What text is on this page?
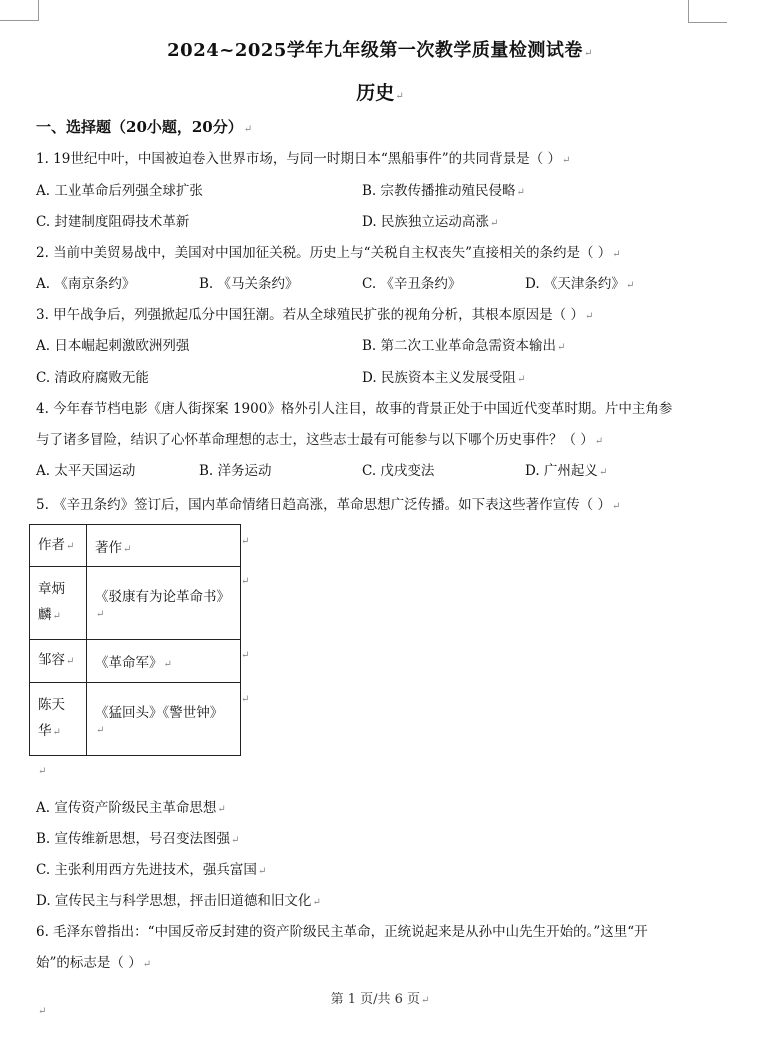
2024~2025学年九年级第一次教学质量检测试卷↵
历史↵
一、选择题（20小题，20分）↵
1. 19世纪中叶，中国被迫卷入世界市场，与同一时期日本“黑船事件”的共同背景是（ ）↵
A. 工业革命后列强全球扩张	B. 宗教传播推动殖民侵略↵
C. 封建制度阻碍技术革新	D. 民族独立运动高涨↵
2. 当前中美贸易战中，美国对中国加征关税。历史上与“关税自主权丧失”直接相关的条约是（ ）↵
A. 《南京条约》	B. 《马关条约》	C. 《辛丑条约》	D. 《天津条约》↵
3. 甲午战争后，列强掀起瓜分中国狂潮。若从全球殖民扩张的视角分析，其根本原因是（ ）↵
A. 日本崛起刺激欧洲列强	B. 第二次工业革命急需资本输出↵
C. 清政府腐败无能	D. 民族资本主义发展受阻↵
4. 今年春节档电影《唐人街探案 1900》格外引人注目，故事的背景正处于中国近代变革时期。片中主角参
与了诸多冒险，结识了心怀革命理想的志士，这些志士最有可能参与以下哪个历史事件？（ ）↵
A. 太平天国运动	B. 洋务运动	C. 戊戌变法	D. 广州起义↵
5. 《辛丑条约》签订后，国内革命情绪日趋高涨，革命思想广泛传播。如下表这些著作宣传（ ）↵
作者↵	著作↵
章炳
麟↵	《驳康有为论革命书》↵
邹容↵	《革命军》↵
陈天
华↵	《猛回头》《警世钟》↵
↵
↵
↵
↵
↵
A. 宣传资产阶级民主革命思想↵
B. 宣传维新思想，号召变法图强↵
C. 主张利用西方先进技术，强兵富国↵
D. 宣传民主与科学思想，抨击旧道德和旧文化↵
6. 毛泽东曾指出：“中国反帝反封建的资产阶级民主革命，正统说起来是从孙中山先生开始的。”这里“开
始”的标志是（ ）↵
第 1 页/共 6 页↵
↵
